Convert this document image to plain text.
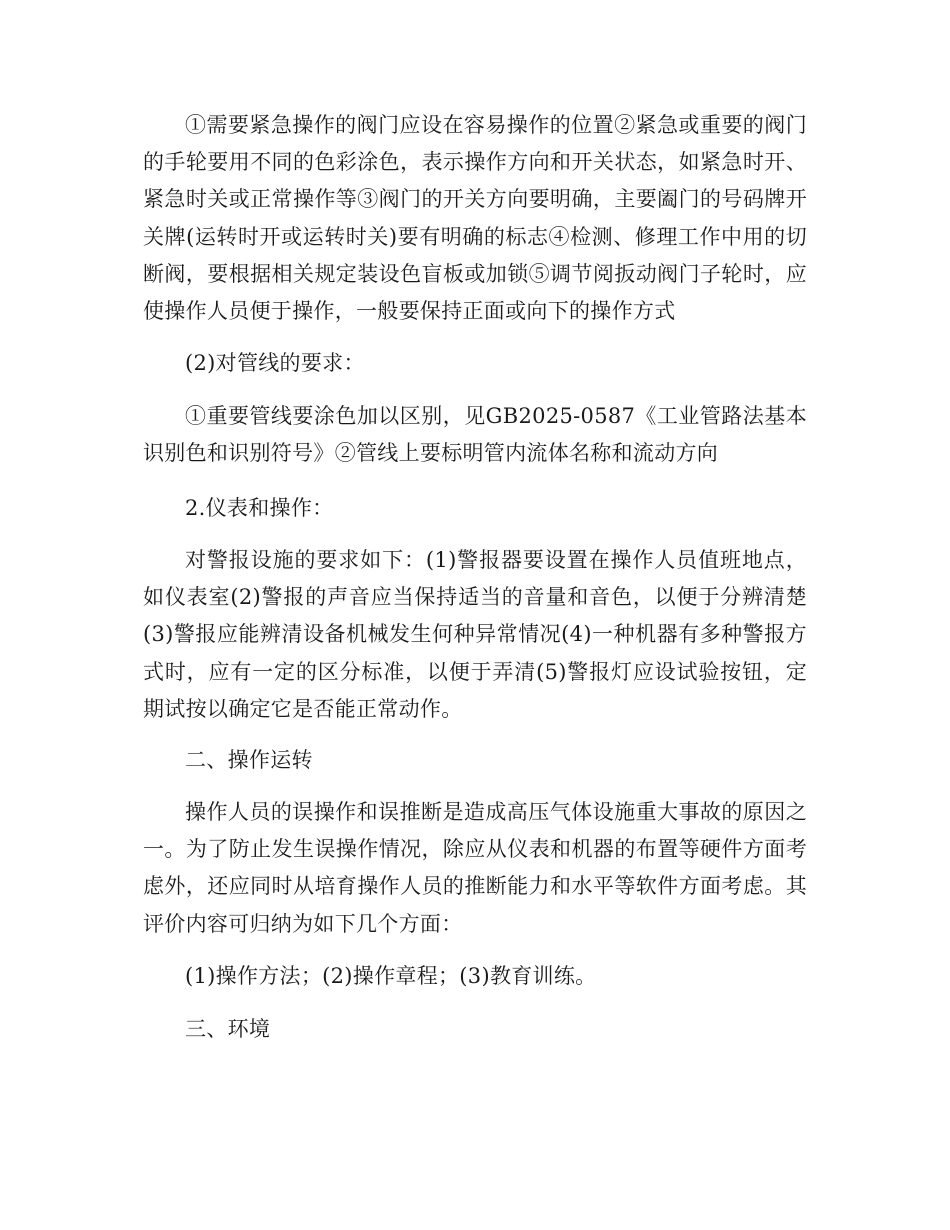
①需要紧急操作的阀门应设在容易操作的位置②紧急或重要的阀门的手轮要用不同的色彩涂色，表示操作方向和开关状态，如紧急时开、紧急时关或正常操作等③阀门的开关方向要明确，主要阖门的号码牌开关牌(运转时开或运转时关)要有明确的标志④检测、修理工作中用的切断阀，要根据相关规定装设色盲板或加锁⑤调节阅扳动阀门子轮时，应使操作人员便于操作，一般要保持正面或向下的操作方式

(2)对管线的要求：

①重要管线要涂色加以区别，见GB2025-0587《工业管路法基本识别色和识别符号》②管线上要标明管内流体名称和流动方向

2.仪表和操作：

对警报设施的要求如下：(1)警报器要设置在操作人员值班地点，如仪表室(2)警报的声音应当保持适当的音量和音色，以便于分辨清楚(3)警报应能辨清设备机械发生何种异常情况(4)一种机器有多种警报方式时，应有一定的区分标准，以便于弄清(5)警报灯应设试验按钮，定期试按以确定它是否能正常动作。

二、操作运转

操作人员的误操作和误推断是造成高压气体设施重大事故的原因之一。为了防止发生误操作情况，除应从仪表和机器的布置等硬件方面考虑外，还应同时从培育操作人员的推断能力和水平等软件方面考虑。其评价内容可归纳为如下几个方面：

(1)操作方法；(2)操作章程；(3)教育训练。

三、环境
